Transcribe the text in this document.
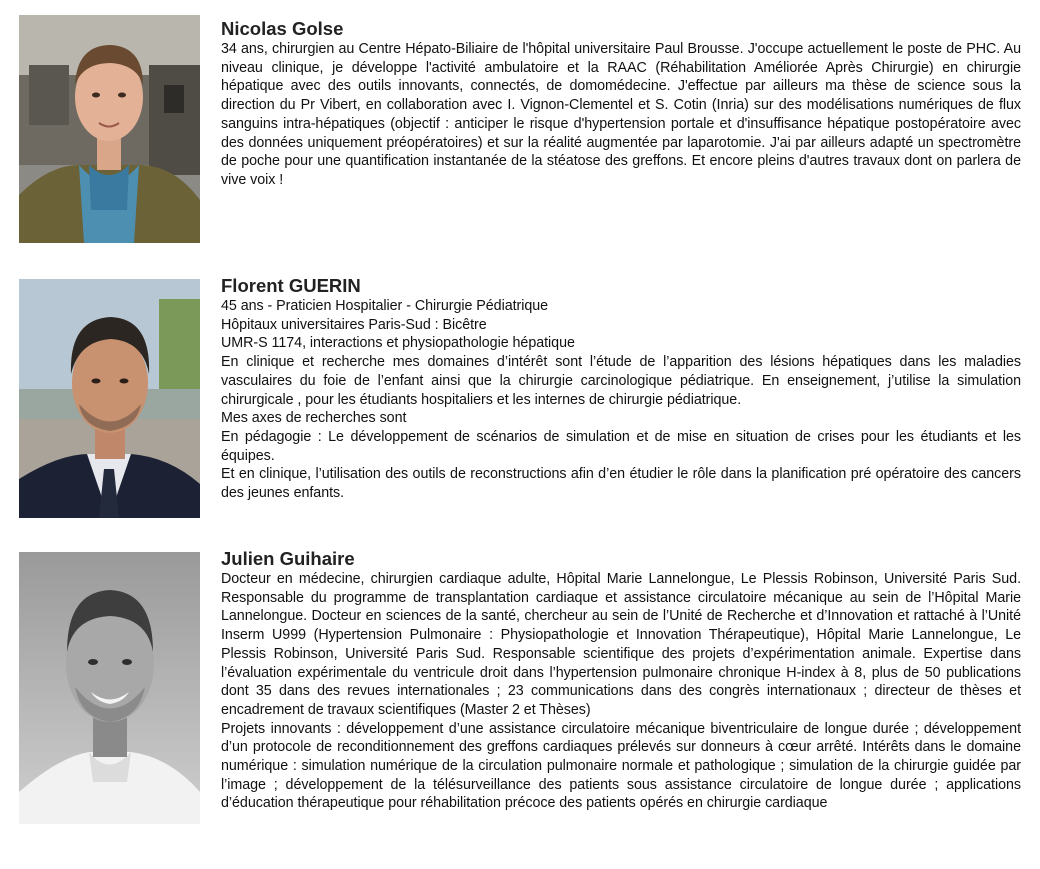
Nicolas Golse

34 ans, chirurgien au Centre Hépato-Biliaire de l'hôpital universitaire Paul Brousse. J'occupe actuellement le poste de PHC. Au niveau clinique, je développe l'activité ambulatoire et la RAAC (Réhabilitation Améliorée Après Chirurgie) en chirurgie hépatique avec des outils innovants, connectés, de domomédecine. J'effectue par ailleurs ma thèse de science sous la direction du Pr Vibert, en collaboration avec I. Vignon-Clementel et S. Cotin (Inria) sur des modélisations numériques de flux sanguins intra-hépatiques (objectif : anticiper le risque d'hypertension portale et d'insuffisance hépatique postopératoire avec des données uniquement préopératoires) et sur la réalité augmentée par laparotomie. J'ai par ailleurs adapté un spectromètre de poche pour une quantification instantanée de la stéatose des greffons. Et encore pleins d'autres travaux dont on parlera de vive voix !

Florent GUERIN

45 ans - Praticien Hospitalier - Chirurgie Pédiatrique

Hôpitaux universitaires Paris-Sud : Bicêtre

UMR-S 1174, interactions et physiopathologie hépatique

En clinique et recherche mes domaines d’intérêt sont l’étude de l’apparition des lésions hépatiques dans les maladies vasculaires du foie de l’enfant ainsi que la chirurgie carcinologique pédiatrique. En enseignement, j’utilise la simulation chirurgicale , pour les étudiants hospitaliers et les internes de chirurgie pédiatrique.

Mes axes de recherches sont

En pédagogie : Le développement de scénarios de simulation et de mise en situation de crises pour les étudiants et les équipes.

Et en clinique, l’utilisation des outils de reconstructions afin d’en étudier le rôle dans la planification pré opératoire des cancers des jeunes enfants.

Julien Guihaire

Docteur en médecine, chirurgien cardiaque adulte, Hôpital Marie Lannelongue, Le Plessis Robinson, Université Paris Sud. Responsable du programme de transplantation cardiaque et assistance circulatoire mécanique au sein de l’Hôpital Marie Lannelongue. Docteur en sciences de la santé, chercheur au sein de l’Unité de Recherche et d’Innovation et rattaché à l’Unité Inserm U999 (Hypertension Pulmonaire : Physiopathologie et Innovation Thérapeutique), Hôpital Marie Lannelongue, Le Plessis Robinson, Université Paris Sud. Responsable scientifique des projets d’expérimentation animale. Expertise dans l’évaluation expérimentale du ventricule droit dans l’hypertension pulmonaire chronique H-index à 8, plus de 50 publications dont 35 dans des revues internationales ; 23 communications dans des congrès internationaux ; directeur de thèses et encadrement de travaux scientifiques (Master 2 et Thèses)

Projets innovants : développement d’une assistance circulatoire mécanique biventriculaire de longue durée ; développement d’un protocole de reconditionnement des greffons cardiaques prélevés sur donneurs à cœur arrêté. Intérêts dans le domaine numérique : simulation numérique de la circulation pulmonaire normale et pathologique ; simulation de la chirurgie guidée par l’image ; développement de la télésurveillance des patients sous assistance circulatoire de longue durée ; applications d’éducation thérapeutique pour réhabilitation précoce des patients opérés en chirurgie cardiaque
